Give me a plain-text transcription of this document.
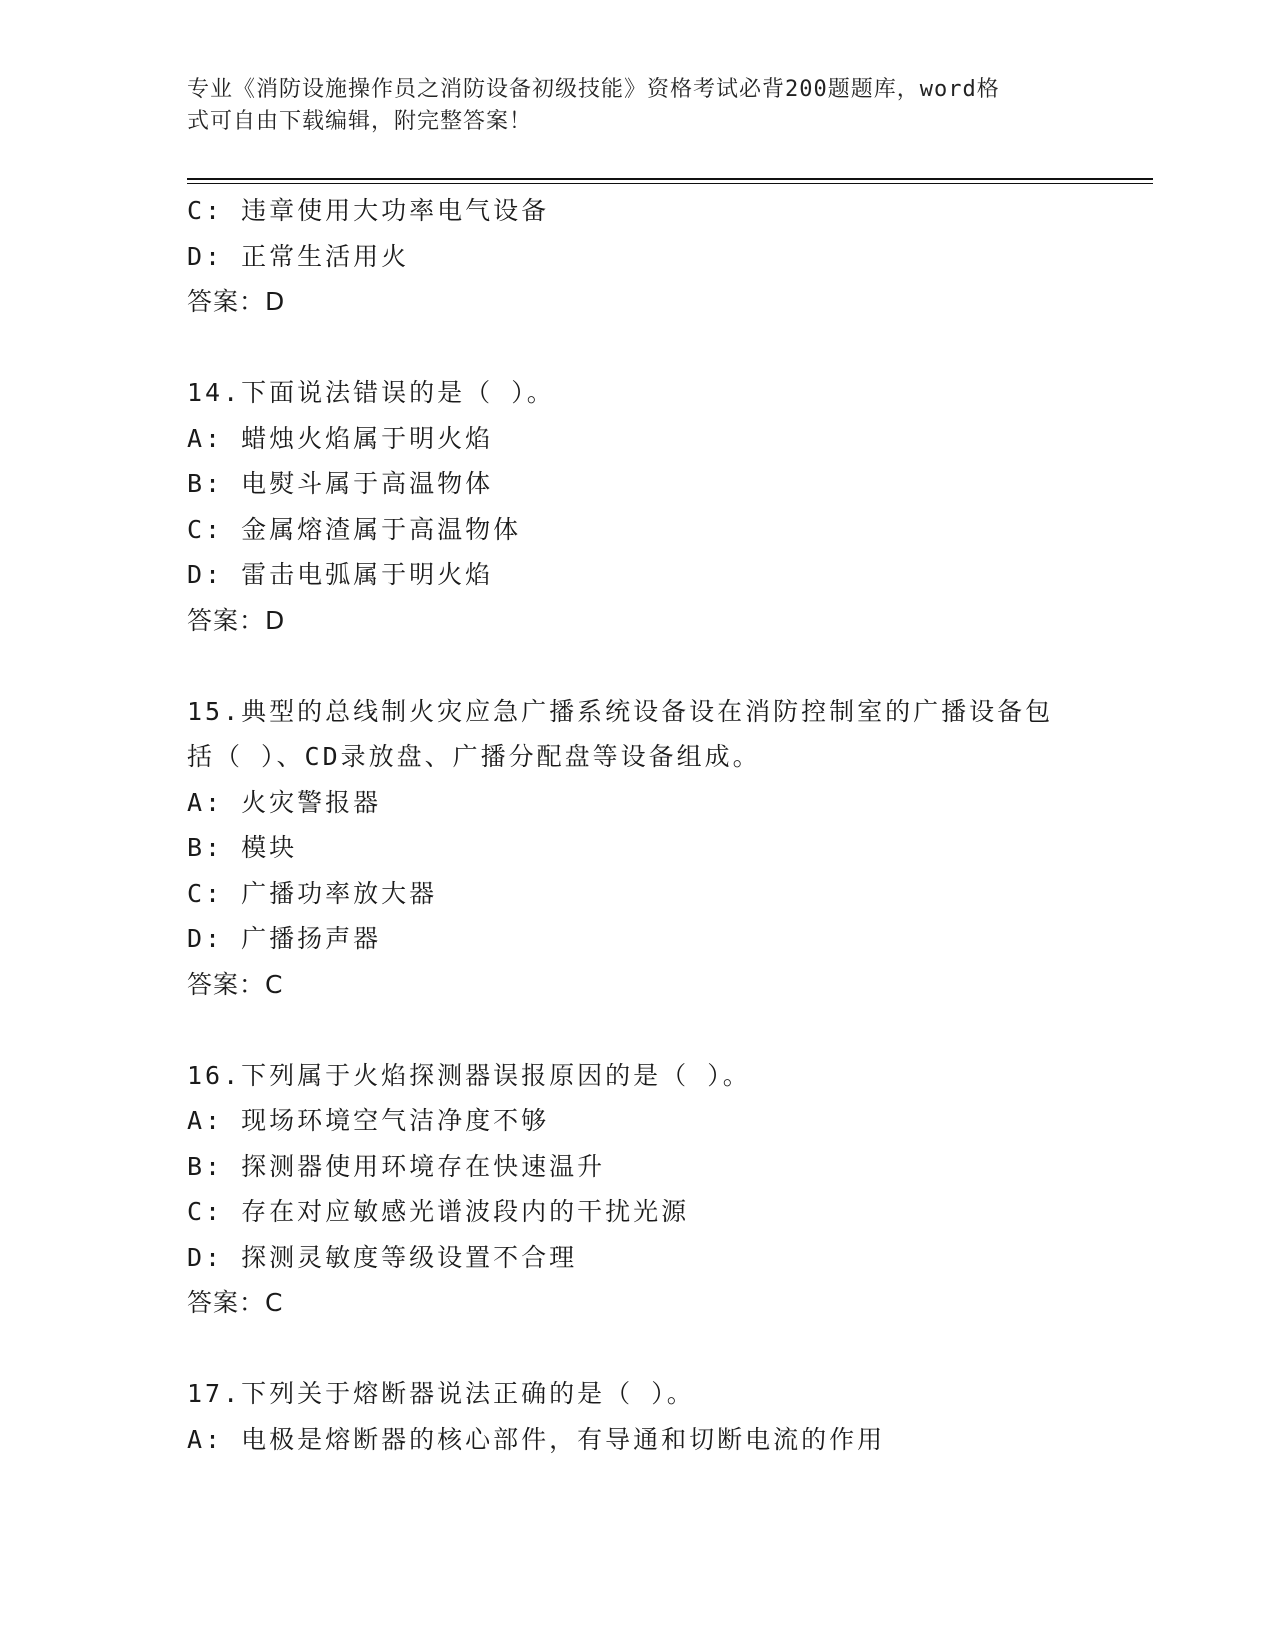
专业《消防设施操作员之消防设备初级技能》资格考试必背200题题库，word格
式可自由下载编辑，附完整答案！
C: 违章使用大功率电气设备
D: 正常生活用火
答案：D
14.下面说法错误的是（ ）。
A: 蜡烛火焰属于明火焰
B: 电熨斗属于高温物体
C: 金属熔渣属于高温物体
D: 雷击电弧属于明火焰
答案：D
15.典型的总线制火灾应急广播系统设备设在消防控制室的广播设备包
括（ ）、CD录放盘、广播分配盘等设备组成。
A: 火灾警报器
B: 模块
C: 广播功率放大器
D: 广播扬声器
答案：C
16.下列属于火焰探测器误报原因的是（ ）。
A: 现场环境空气洁净度不够
B: 探测器使用环境存在快速温升
C: 存在对应敏感光谱波段内的干扰光源
D: 探测灵敏度等级设置不合理
答案：C
17.下列关于熔断器说法正确的是（ ）。
A: 电极是熔断器的核心部件，有导通和切断电流的作用
